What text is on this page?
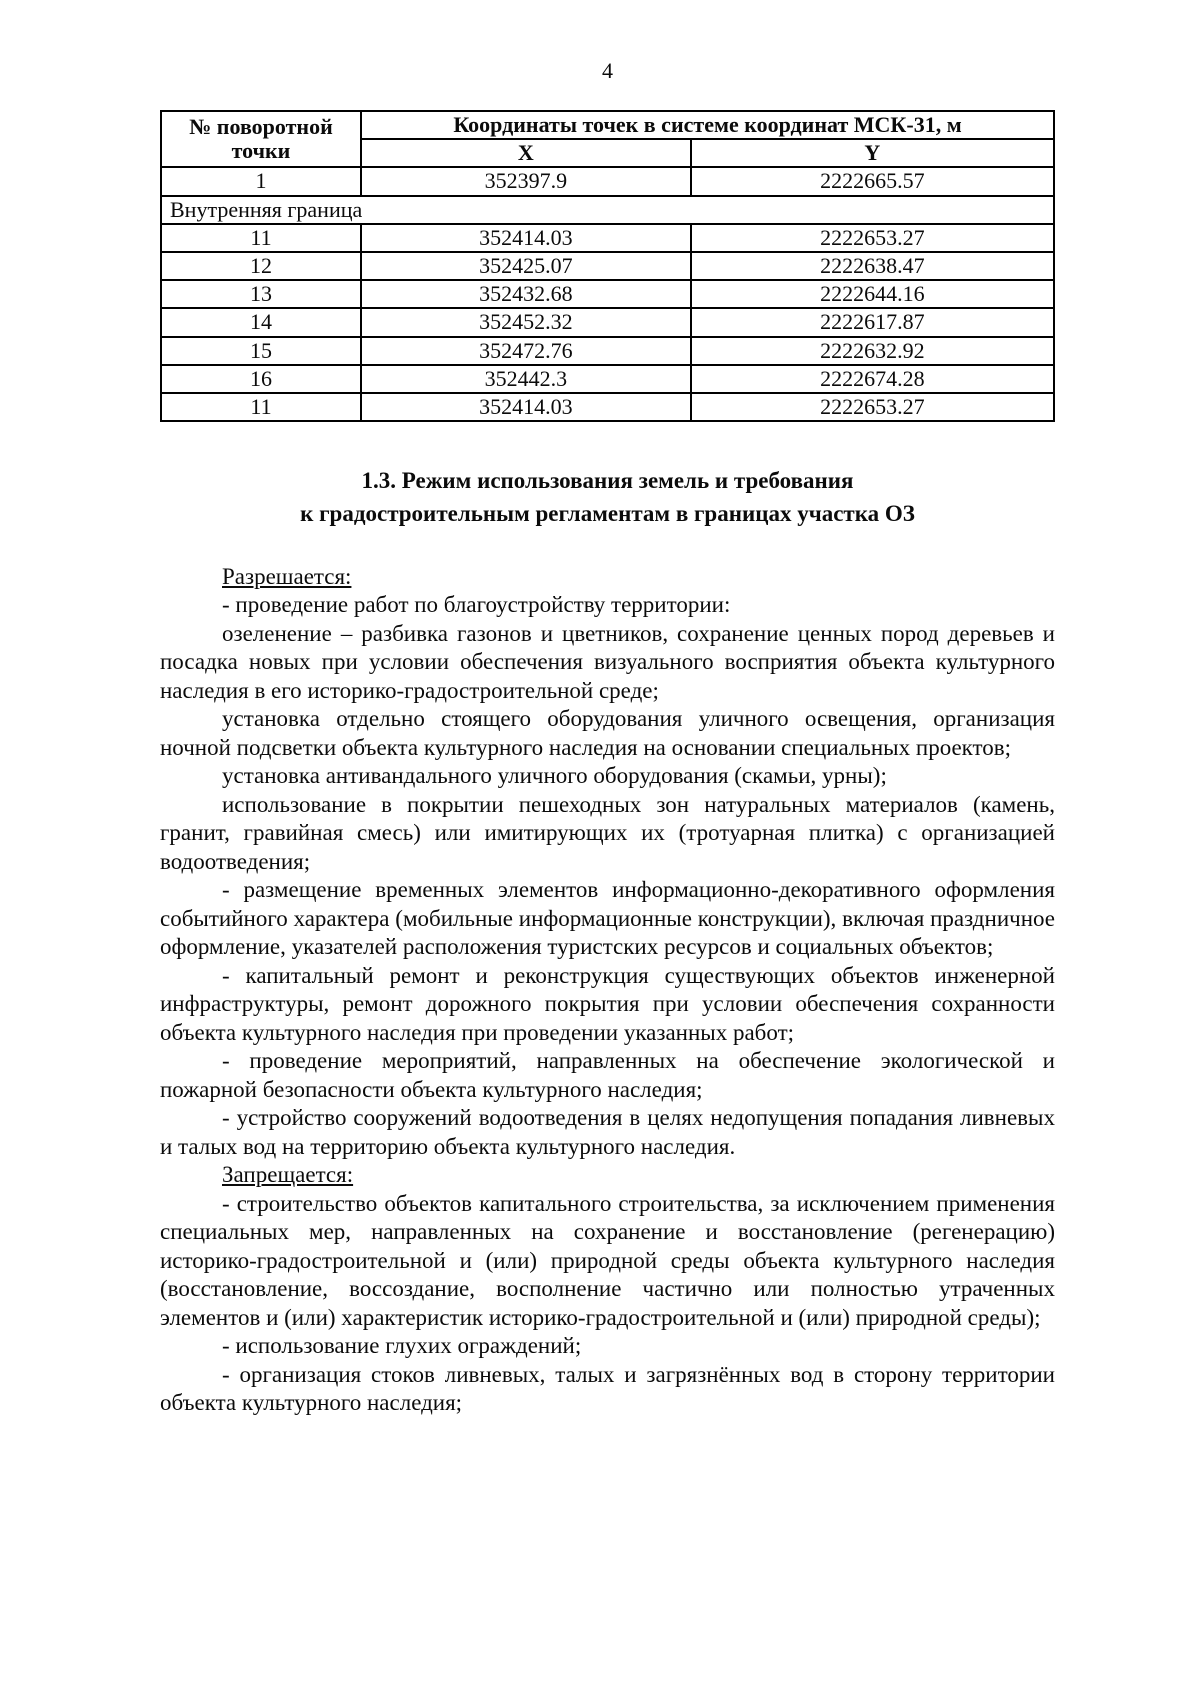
4
№ поворотной точки	Координаты точек в системе координат МСК-31, м	
	X	Y
1	352397.9	2222665.57
Внутренняя граница		
11	352414.03	2222653.27
12	352425.07	2222638.47
13	352432.68	2222644.16
14	352452.32	2222617.87
15	352472.76	2222632.92
16	352442.3	2222674.28
11	352414.03	2222653.27
1.3. Режим использования земель и требования
к градостроительным регламентам в границах участка ОЗ

Разрешается:

- проведение работ по благоустройству территории:

озеленение – разбивка газонов и цветников, сохранение ценных пород деревьев и посадка новых при условии обеспечения визуального восприятия объекта культурного наследия в его историко-градостроительной среде;

установка отдельно стоящего оборудования уличного освещения, организация ночной подсветки объекта культурного наследия на основании специальных проектов;

установка антивандального уличного оборудования (скамьи, урны);

использование в покрытии пешеходных зон натуральных материалов (камень, гранит, гравийная смесь) или имитирующих их (тротуарная плитка) с организацией водоотведения;

- размещение временных элементов информационно-декоративного оформления событийного характера (мобильные информационные конструкции), включая праздничное оформление, указателей расположения туристских ресурсов и социальных объектов;

- капитальный ремонт и реконструкция существующих объектов инженерной инфраструктуры, ремонт дорожного покрытия при условии обеспечения сохранности объекта культурного наследия при проведении указанных работ;

- проведение мероприятий, направленных на обеспечение экологической и пожарной безопасности объекта культурного наследия;

- устройство сооружений водоотведения в целях недопущения попадания ливневых и талых вод на территорию объекта культурного наследия.

Запрещается:

- строительство объектов капитального строительства, за исключением применения специальных мер, направленных на сохранение и восстановление (регенерацию) историко-градостроительной и (или) природной среды объекта культурного наследия (восстановление, воссоздание, восполнение частично или полностью утраченных элементов и (или) характеристик историко-градостроительной и (или) природной среды);

- использование глухих ограждений;

- организация стоков ливневых, талых и загрязнённых вод в сторону территории объекта культурного наследия;
